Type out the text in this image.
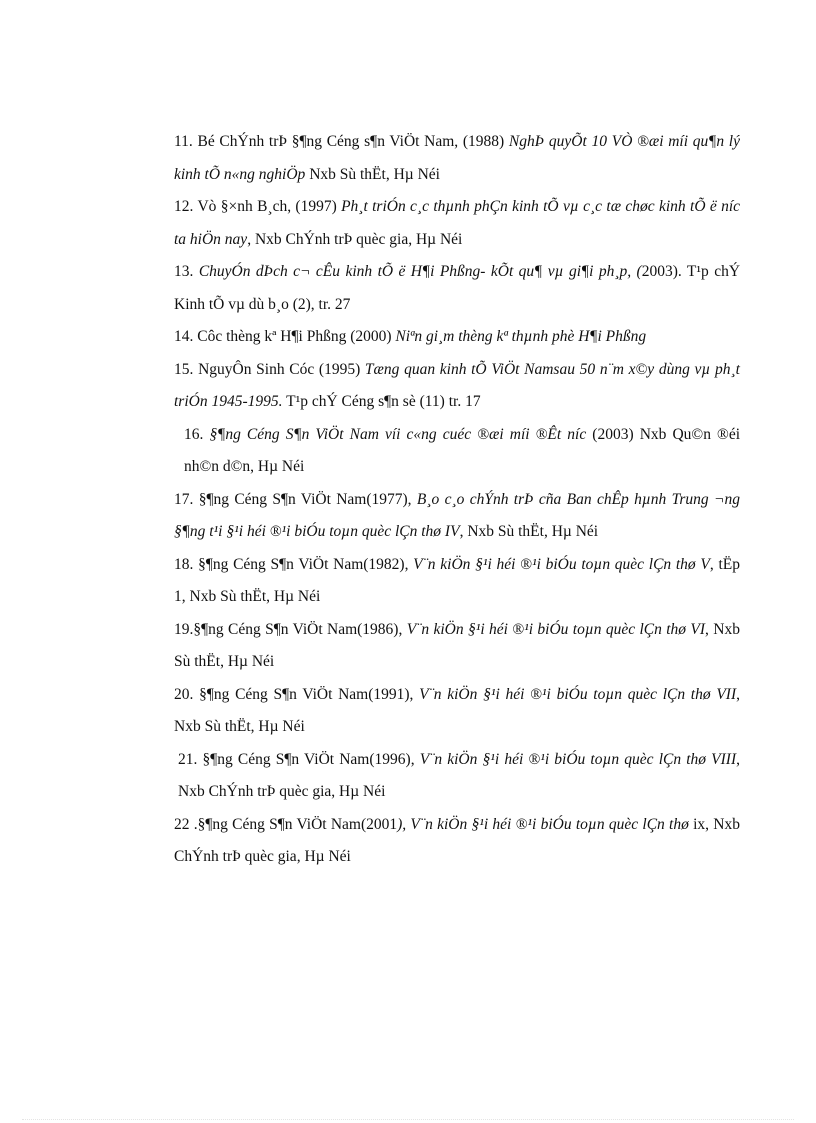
11. Bé ChÝnh trÞ §¶ng Céng s¶n ViÖt Nam, (1988) NghÞ quyÕt 10 VÒ ®æi míi qu¶n lý kinh tÕ n«ng nghiÖp Nxb Sù thËt, Hµ Néi

12. Vò §×nh B¸ch, (1997) Ph¸t triÓn c¸c thµnh phÇn kinh tÕ vµ c¸c tæ chøc kinh tÕ ë níc ta hiÖn nay, Nxb ChÝnh trÞ quèc gia, Hµ Néi

13. ChuyÓn dÞch c¬ cÊu kinh tÕ ë H¶i Phßng- kÕt qu¶ vµ gi¶i ph¸p, (2003). T¹p chÝ Kinh tÕ vµ dù b¸o (2), tr. 27

14. Côc thèng kª H¶i Phßng (2000) Niªn gi¸m thèng kª thµnh phè H¶i Phßng

15. NguyÔn Sinh Cóc (1995) Tæng quan kinh tÕ ViÖt Namsau 50 n¨m x©y dùng vµ ph¸t triÓn 1945-1995. T¹p chÝ Céng s¶n sè (11) tr. 17

16. §¶ng Céng S¶n ViÖt Nam víi c«ng cuéc ®æi míi ®Êt níc (2003) Nxb Qu©n ®éi nh©n d©n, Hµ Néi

17. §¶ng Céng S¶n ViÖt Nam(1977), B¸o c¸o chÝnh trÞ cña Ban chÊp hµnh Trung ¬ng §¶ng t¹i §¹i héi ®¹i biÓu toµn quèc lÇn thø IV, Nxb Sù thËt, Hµ Néi

18. §¶ng Céng S¶n ViÖt Nam(1982), V¨n kiÖn §¹i héi ®¹i biÓu toµn quèc lÇn thø V, tËp 1, Nxb Sù thËt, Hµ Néi

19.§¶ng Céng S¶n ViÖt Nam(1986), V¨n kiÖn §¹i héi ®¹i biÓu toµn quèc lÇn thø VI, Nxb Sù thËt, Hµ Néi

20. §¶ng Céng S¶n ViÖt Nam(1991), V¨n kiÖn §¹i héi ®¹i biÓu toµn quèc lÇn thø VII, Nxb Sù thËt, Hµ Néi

21. §¶ng Céng S¶n ViÖt Nam(1996), V¨n kiÖn §¹i héi ®¹i biÓu toµn quèc lÇn thø VIII, Nxb ChÝnh trÞ quèc gia, Hµ Néi

22 .§¶ng Céng S¶n ViÖt Nam(2001), V¨n kiÖn §¹i héi ®¹i biÓu toµn quèc lÇn thø ix, Nxb ChÝnh trÞ quèc gia, Hµ Néi
